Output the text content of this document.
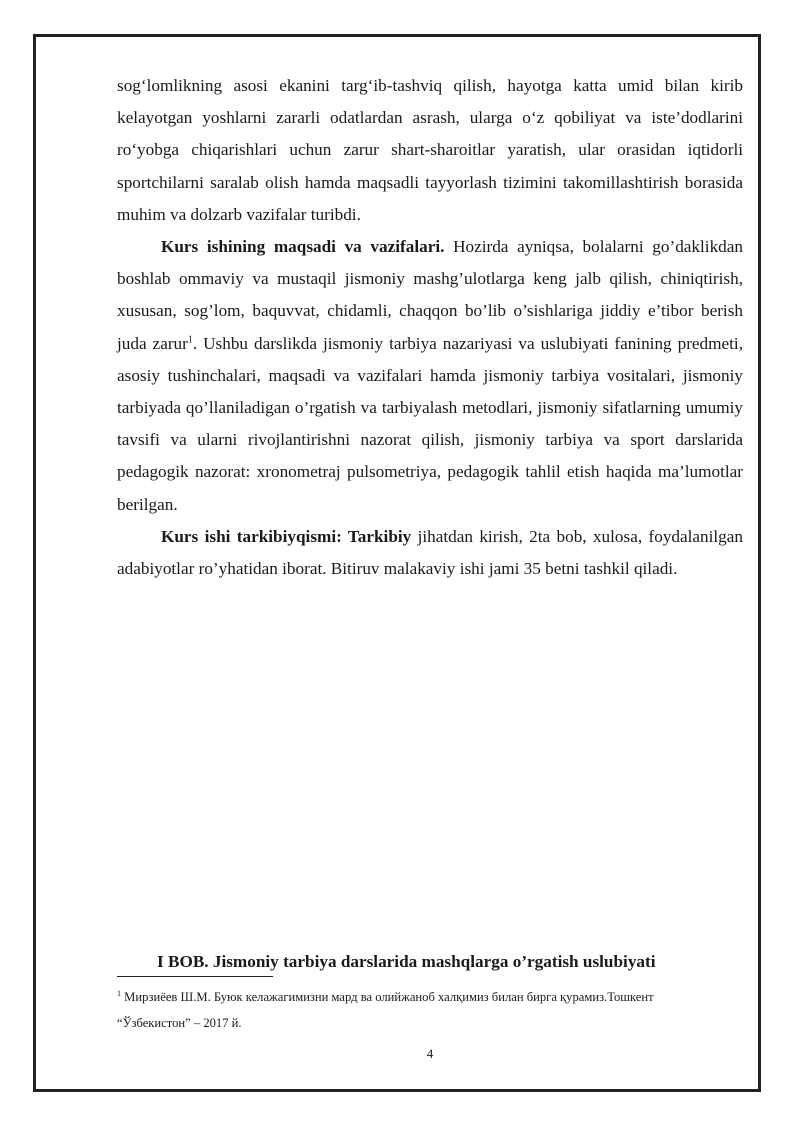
sog‘lomlikning asosi ekanini targ‘ib-tashviq qilish, hayotga katta umid bilan kirib kelayotgan yoshlarni zararli odatlardan asrash, ularga o‘z qobiliyat va iste’dodlarini ro‘yobga chiqarishlari uchun zarur shart-sharoitlar yaratish, ular orasidan iqtidorli sportchilarni saralab olish hamda maqsadli tayyorlash tizimini takomillashtirish borasida muhim va dolzarb vazifalar turibdi.

Kurs ishining maqsadi va vazifalari. Hozirda ayniqsa, bolalarni go’daklikdan boshlab ommaviy va mustaqil jismoniy mashg’ulotlarga keng jalb qilish, chiniqtirish, xususan, sog’lom, baquvvat, chidamli, chaqqon bo’lib o’sishlariga jiddiy e’tibor berish juda zarur$^1$. Ushbu darslikda jismoniy tarbiya nazariyasi va uslubiyati fanining predmeti, asosiy tushinchalari, maqsadi va vazifalari hamda jismoniy tarbiya vositalari, jismoniy tarbiyada qo’llaniladigan o’rgatish va tarbiyalash metodlari, jismoniy sifatlarning umumiy tavsifi va ularni rivojlantirishni nazorat qilish, jismoniy tarbiya va sport darslarida pedagogik nazorat: xronometraj pulsometriya, pedagogik tahlil etish haqida ma’lumotlar berilgan.

Kurs ishi tarkibiyqismi: Tarkibiy jihatdan kirish, 2ta bob, xulosa, foydalanilgan adabiyotlar ro’yhatidan iborat. Bitiruv malakaviy ishi jami 35 betni tashkil qiladi.

I BOB. Jismoniy tarbiya darslarida mashqlarga o’rgatish uslubiyati
$^1$ Мирзиёев Ш.М. Буюк келажагимизни мард ва олийжаноб халқимиз билан бирга қурамиз.Тошкент
“Ўзбекистон” – 2017 й.
4
